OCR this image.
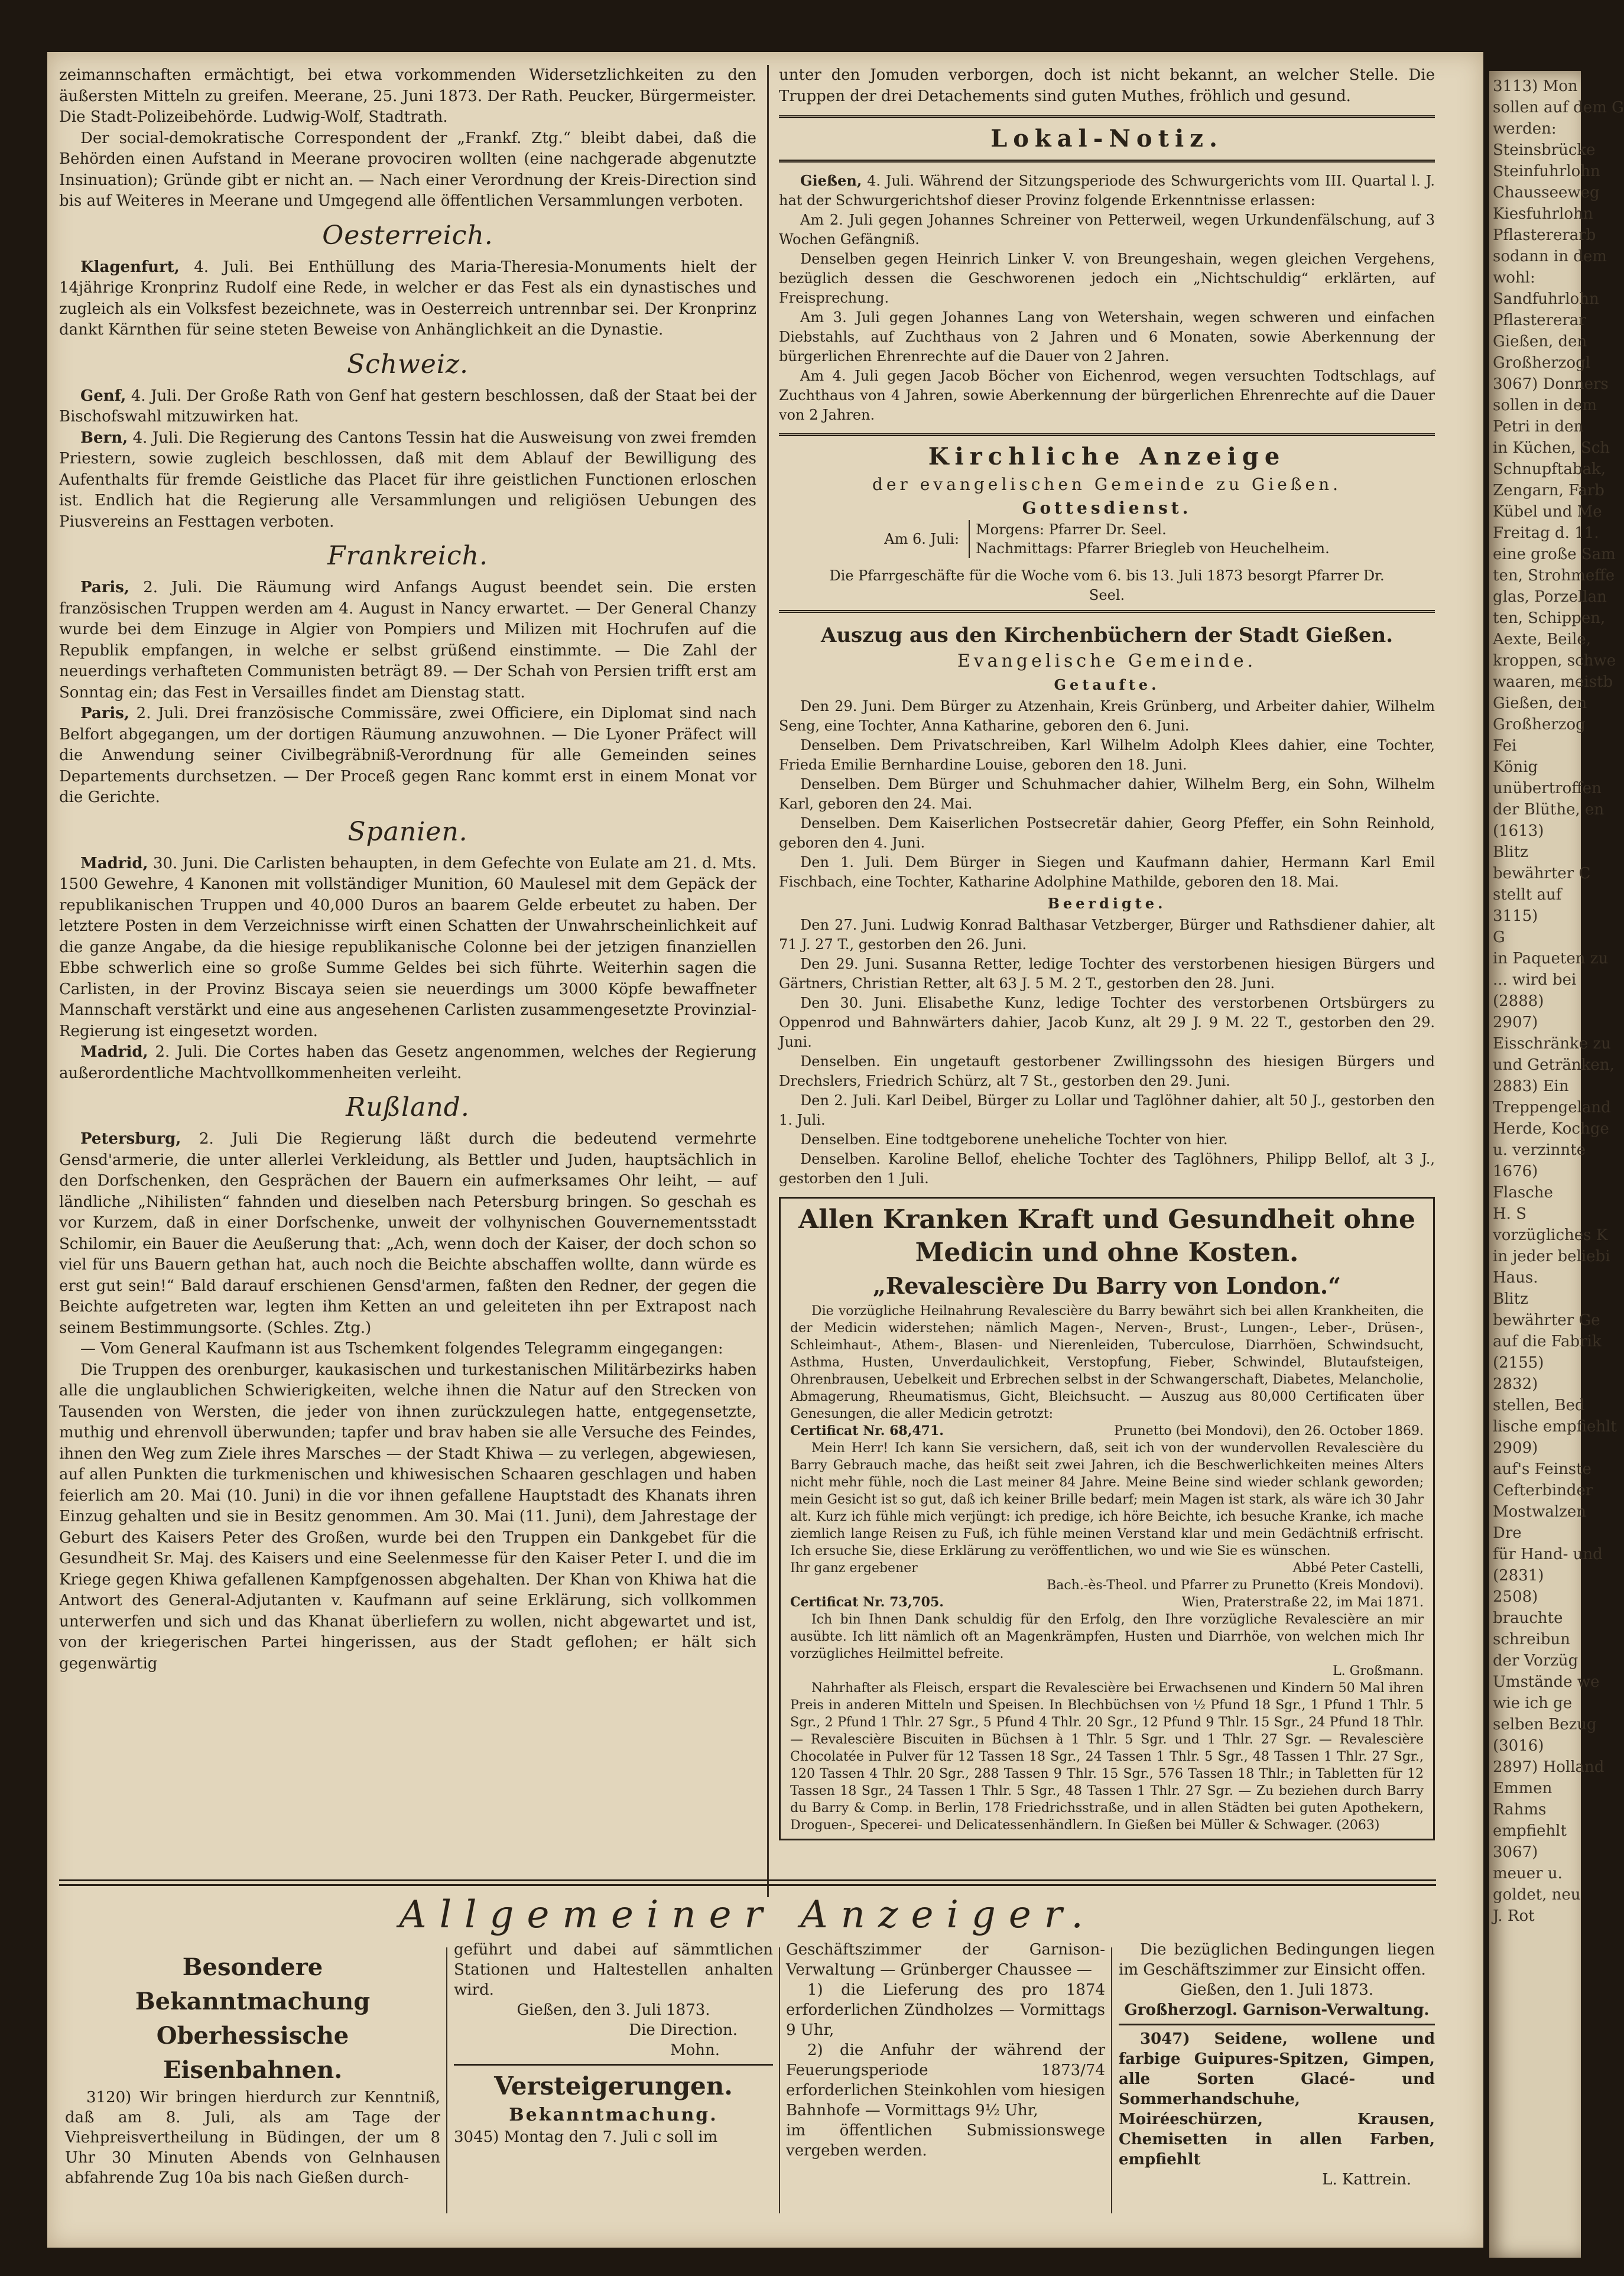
3113) Mon
sollen auf dem G
werden:
Steinsbrücke
Steinfuhrlohn
Chausseeweg
Kiesfuhrlohn
Pflastererarb
sodann in dem
wohl:
Sandfuhrlohn
Pflastererar
Gießen, den
Großherzogl
3067) Donners
sollen in dem
Petri in den
in Küchen, Sch
Schnupftabak,
Zengarn, Farb
Kübel und Me
Freitag d. 11.
eine große Sam
ten, Strohmeffe
glas, Porzellan
ten, Schippen,
Aexte, Beile,
kroppen, schwe
waaren, meistb
Gießen, den
Großherzog
Fei
König
unübertroffen
der Blüthe, en
(1613)
Blitz
bewährter C
stellt auf
3115)
G
in Paqueten zu
... wird bei
(2888)
2907)
Eisschränke zu
und Getränken,
2883) Ein
Treppengeland
Herde, Kochge
u. verzinnte
1676)
Flasche
H. S
vorzügliches K
in jeder beliebi
Haus.
Blitz
bewährter Ge
auf die Fabrik
(2155)
2832)
stellen, Bed
lische empfiehlt
2909)
auf's Feinste
Cefterbinder
Mostwalzen
Dre
für Hand- und
(2831)
2508)
brauchte
schreibun
der Vorzüg
Umstände we
wie ich ge
selben Bezug
(3016)
2897) Holland
Emmen
Rahms
empfiehlt
3067)
meuer u.
goldet, neu
J. Rot

zeimannschaften ermächtigt, bei etwa vorkommenden Widersetzlichkeiten zu den äußersten Mitteln zu greifen. Meerane, 25. Juni 1873. Der Rath. Peucker, Bürgermeister. Die Stadt-Polizeibehörde. Ludwig-Wolf, Stadtrath.

Der social-demokratische Correspondent der „Frankf. Ztg.“ bleibt dabei, daß die Behörden einen Aufstand in Meerane provociren wollten (eine nachgerade abgenutzte Insinuation); Gründe gibt er nicht an. — Nach einer Verordnung der Kreis-Direction sind bis auf Weiteres in Meerane und Umgegend alle öffentlichen Versammlungen verboten.

Oesterreich.

Klagenfurt, 4. Juli. Bei Enthüllung des Maria-Theresia-Monuments hielt der 14jährige Kronprinz Rudolf eine Rede, in welcher er das Fest als ein dynastisches und zugleich als ein Volksfest bezeichnete, was in Oesterreich untrennbar sei. Der Kronprinz dankt Kärnthen für seine steten Beweise von Anhänglichkeit an die Dynastie.

Schweiz.

Genf, 4. Juli. Der Große Rath von Genf hat gestern beschlossen, daß der Staat bei der Bischofswahl mitzuwirken hat.

Bern, 4. Juli. Die Regierung des Cantons Tessin hat die Ausweisung von zwei fremden Priestern, sowie zugleich beschlossen, daß mit dem Ablauf der Bewilligung des Aufenthalts für fremde Geistliche das Placet für ihre geistlichen Functionen erloschen ist. Endlich hat die Regierung alle Versammlungen und religiösen Uebungen des Piusvereins an Festtagen verboten.

Frankreich.

Paris, 2. Juli. Die Räumung wird Anfangs August beendet sein. Die ersten französischen Truppen werden am 4. August in Nancy erwartet. — Der General Chanzy wurde bei dem Einzuge in Algier von Pompiers und Milizen mit Hochrufen auf die Republik empfangen, in welche er selbst grüßend einstimmte. — Die Zahl der neuerdings verhafteten Communisten beträgt 89. — Der Schah von Persien trifft erst am Sonntag ein; das Fest in Versailles findet am Dienstag statt.

Paris, 2. Juli. Drei französische Commissäre, zwei Officiere, ein Diplomat sind nach Belfort abgegangen, um der dortigen Räumung anzuwohnen. — Die Lyoner Präfect will die Anwendung seiner Civilbegräbniß-Verordnung für alle Gemeinden seines Departements durchsetzen. — Der Proceß gegen Ranc kommt erst in einem Monat vor die Gerichte.

Spanien.

Madrid, 30. Juni. Die Carlisten behaupten, in dem Gefechte von Eulate am 21. d. Mts. 1500 Gewehre, 4 Kanonen mit vollständiger Munition, 60 Maulesel mit dem Gepäck der republikanischen Truppen und 40,000 Duros an baarem Gelde erbeutet zu haben. Der letztere Posten in dem Verzeichnisse wirft einen Schatten der Unwahrscheinlichkeit auf die ganze Angabe, da die hiesige republikanische Colonne bei der jetzigen finanziellen Ebbe schwerlich eine so große Summe Geldes bei sich führte. Weiterhin sagen die Carlisten, in der Provinz Biscaya seien sie neuerdings um 3000 Köpfe bewaffneter Mannschaft verstärkt und eine aus angesehenen Carlisten zusammengesetzte Provinzial-Regierung ist eingesetzt worden.

Madrid, 2. Juli. Die Cortes haben das Gesetz angenommen, welches der Regierung außerordentliche Machtvollkommenheiten verleiht.

Rußland.

Petersburg, 2. Juli Die Regierung läßt durch die bedeutend vermehrte Gensd'armerie, die unter allerlei Verkleidung, als Bettler und Juden, hauptsächlich in den Dorfschenken, den Gesprächen der Bauern ein aufmerksames Ohr leiht, — auf ländliche „Nihilisten“ fahnden und dieselben nach Petersburg bringen. So geschah es vor Kurzem, daß in einer Dorfschenke, unweit der volhynischen Gouvernementsstadt Schilomir, ein Bauer die Aeußerung that: „Ach, wenn doch der Kaiser, der doch schon so viel für uns Bauern gethan hat, auch noch die Beichte abschaffen wollte, dann würde es erst gut sein!“ Bald darauf erschienen Gensd'armen, faßten den Redner, der gegen die Beichte aufgetreten war, legten ihm Ketten an und geleiteten ihn per Extrapost nach seinem Bestimmungsorte. (Schles. Ztg.)

— Vom General Kaufmann ist aus Tschemkent folgendes Telegramm eingegangen:

Die Truppen des orenburger, kaukasischen und turkestanischen Militärbezirks haben alle die unglaublichen Schwierigkeiten, welche ihnen die Natur auf den Strecken von Tausenden von Wersten, die jeder von ihnen zurückzulegen hatte, entgegensetzte, muthig und ehrenvoll überwunden; tapfer und brav haben sie alle Versuche des Feindes, ihnen den Weg zum Ziele ihres Marsches — der Stadt Khiwa — zu verlegen, abgewiesen, auf allen Punkten die turkmenischen und khiwesischen Schaaren geschlagen und haben feierlich am 20. Mai (10. Juni) in die vor ihnen gefallene Hauptstadt des Khanats ihren Einzug gehalten und sie in Besitz genommen. Am 30. Mai (11. Juni), dem Jahrestage der Geburt des Kaisers Peter des Großen, wurde bei den Truppen ein Dankgebet für die Gesundheit Sr. Maj. des Kaisers und eine Seelenmesse für den Kaiser Peter I. und die im Kriege gegen Khiwa gefallenen Kampfgenossen abgehalten. Der Khan von Khiwa hat die Antwort des General-Adjutanten v. Kaufmann auf seine Erklärung, sich vollkommen unterwerfen und sich und das Khanat überliefern zu wollen, nicht abgewartet und ist, von der kriegerischen Partei hingerissen, aus der Stadt geflohen; er hält sich gegenwärtig

unter den Jomuden verborgen, doch ist nicht bekannt, an welcher Stelle. Die Truppen der drei Detachements sind guten Muthes, fröhlich und gesund.

Lokal-Notiz.

Gießen, 4. Juli. Während der Sitzungsperiode des Schwurgerichts vom III. Quartal l. J. hat der Schwurgerichtshof dieser Provinz folgende Erkenntnisse erlassen:

Am 2. Juli gegen Johannes Schreiner von Petterweil, wegen Urkundenfälschung, auf 3 Wochen Gefängniß.

Denselben gegen Heinrich Linker V. von Breungeshain, wegen gleichen Vergehens, bezüglich dessen die Geschworenen jedoch ein „Nichtschuldig“ erklärten, auf Freisprechung.

Am 3. Juli gegen Johannes Lang von Wetershain, wegen schweren und einfachen Diebstahls, auf Zuchthaus von 2 Jahren und 6 Monaten, sowie Aberkennung der bürgerlichen Ehrenrechte auf die Dauer von 2 Jahren.

Am 4. Juli gegen Jacob Böcher von Eichenrod, wegen versuchten Todtschlags, auf Zuchthaus von 4 Jahren, sowie Aberkennung der bürgerlichen Ehrenrechte auf die Dauer von 2 Jahren.

Kirchliche Anzeige
der evangelischen Gemeinde zu Gießen.
Gottesdienst.
Am 6. Juli:
Morgens: Pfarrer Dr. Seel.
Nachmittags: Pfarrer Briegleb von Heuchelheim.
Die Pfarrgeschäfte für die Woche vom 6. bis 13. Juli 1873 besorgt Pfarrer Dr. Seel.
Auszug aus den Kirchenbüchern der Stadt Gießen.
Evangelische Gemeinde.
Getaufte.

Den 29. Juni. Dem Bürger zu Atzenhain, Kreis Grünberg, und Arbeiter dahier, Wilhelm Seng, eine Tochter, Anna Katharine, geboren den 6. Juni.

Denselben. Dem Privatschreiben, Karl Wilhelm Adolph Klees dahier, eine Tochter, Frieda Emilie Bernhardine Louise, geboren den 18. Juni.

Denselben. Dem Bürger und Schuhmacher dahier, Wilhelm Berg, ein Sohn, Wilhelm Karl, geboren den 24. Mai.

Denselben. Dem Kaiserlichen Postsecretär dahier, Georg Pfeffer, ein Sohn Reinhold, geboren den 4. Juni.

Den 1. Juli. Dem Bürger in Siegen und Kaufmann dahier, Hermann Karl Emil Fischbach, eine Tochter, Katharine Adolphine Mathilde, geboren den 18. Mai.

Beerdigte.

Den 27. Juni. Ludwig Konrad Balthasar Vetzberger, Bürger und Rathsdiener dahier, alt 71 J. 27 T., gestorben den 26. Juni.

Den 29. Juni. Susanna Retter, ledige Tochter des verstorbenen hiesigen Bürgers und Gärtners, Christian Retter, alt 63 J. 5 M. 2 T., gestorben den 28. Juni.

Den 30. Juni. Elisabethe Kunz, ledige Tochter des verstorbenen Ortsbürgers zu Oppenrod und Bahnwärters dahier, Jacob Kunz, alt 29 J. 9 M. 22 T., gestorben den 29. Juni.

Denselben. Ein ungetauft gestorbener Zwillingssohn des hiesigen Bürgers und Drechslers, Friedrich Schürz, alt 7 St., gestorben den 29. Juni.

Den 2. Juli. Karl Deibel, Bürger zu Lollar und Taglöhner dahier, alt 50 J., gestorben den 1. Juli.

Denselben. Eine todtgeborene uneheliche Tochter von hier.

Denselben. Karoline Bellof, eheliche Tochter des Taglöhners, Philipp Bellof, alt 3 J., gestorben den 1 Juli.

Allen Kranken Kraft und Gesundheit ohne
Medicin und ohne Kosten.
„Revalescière Du Barry von London.“

Die vorzügliche Heilnahrung Revalescière du Barry bewährt sich bei allen Krankheiten, die der Medicin widerstehen; nämlich Magen-, Nerven-, Brust-, Lungen-, Leber-, Drüsen-, Schleimhaut-, Athem-, Blasen- und Nierenleiden, Tuberculose, Diarrhöen, Schwindsucht, Asthma, Husten, Unverdaulichkeit, Verstopfung, Fieber, Schwindel, Blutaufsteigen, Ohrenbrausen, Uebelkeit und Erbrechen selbst in der Schwangerschaft, Diabetes, Melancholie, Abmagerung, Rheumatismus, Gicht, Bleichsucht. — Auszug aus 80,000 Certificaten über Genesungen, die aller Medicin getrotzt:

Certificat Nr. 68,471.	Prunetto (bei Mondovi), den 26. October 1869.

Mein Herr! Ich kann Sie versichern, daß, seit ich von der wundervollen Revalescière du Barry Gebrauch mache, das heißt seit zwei Jahren, ich die Beschwerlichkeiten meines Alters nicht mehr fühle, noch die Last meiner 84 Jahre. Meine Beine sind wieder schlank geworden; mein Gesicht ist so gut, daß ich keiner Brille bedarf; mein Magen ist stark, als wäre ich 30 Jahr alt. Kurz ich fühle mich verjüngt: ich predige, ich höre Beichte, ich besuche Kranke, ich mache ziemlich lange Reisen zu Fuß, ich fühle meinen Verstand klar und mein Gedächtniß erfrischt. Ich ersuche Sie, diese Erklärung zu veröffentlichen, wo und wie Sie es wünschen.

Ihr ganz ergebener	Abbé Peter Castelli,
Bach.-ès-Theol. und Pfarrer zu Prunetto (Kreis Mondovi).
Certificat Nr. 73,705.	Wien, Praterstraße 22, im Mai 1871.

Ich bin Ihnen Dank schuldig für den Erfolg, den Ihre vorzügliche Revalescière an mir ausübte. Ich litt nämlich oft an Magenkrämpfen, Husten und Diarrhöe, von welchen mich Ihr vorzügliches Heilmittel befreite.

L. Großmann.

Nahrhafter als Fleisch, erspart die Revalescière bei Erwachsenen und Kindern 50 Mal ihren Preis in anderen Mitteln und Speisen. In Blechbüchsen von ½ Pfund 18 Sgr., 1 Pfund 1 Thlr. 5 Sgr., 2 Pfund 1 Thlr. 27 Sgr., 5 Pfund 4 Thlr. 20 Sgr., 12 Pfund 9 Thlr. 15 Sgr., 24 Pfund 18 Thlr. — Revalescière Biscuiten in Büchsen à 1 Thlr. 5 Sgr. und 1 Thlr. 27 Sgr. — Revalescière Chocolatée in Pulver für 12 Tassen 18 Sgr., 24 Tassen 1 Thlr. 5 Sgr., 48 Tassen 1 Thlr. 27 Sgr., 120 Tassen 4 Thlr. 20 Sgr., 288 Tassen 9 Thlr. 15 Sgr., 576 Tassen 18 Thlr.; in Tabletten für 12 Tassen 18 Sgr., 24 Tassen 1 Thlr. 5 Sgr., 48 Tassen 1 Thlr. 27 Sgr. — Zu beziehen durch Barry du Barry & Comp. in Berlin, 178 Friedrichsstraße, und in allen Städten bei guten Apothekern, Droguen-, Specerei- und Delicatessenhändlern. In Gießen bei Müller & Schwager. (2063)

Allgemeiner Anzeiger.
Besondere Bekanntmachung
Oberhessische Eisenbahnen.

3120) Wir bringen hierdurch zur Kenntniß, daß am 8. Juli, als am Tage der Viehpreisvertheilung in Büdingen, der um 8 Uhr 30 Minuten Abends von Gelnhausen abfahrende Zug 10a bis nach Gießen durch-

geführt und dabei auf sämmtlichen Stationen und Haltestellen anhalten wird.

Gießen, den 3. Juli 1873.
Die Direction.
Mohn.
Versteigerungen.
Bekanntmachung.

3045) Montag den 7. Juli c soll im

Geschäftszimmer der Garnison-Verwaltung — Grünberger Chaussee —

1) die Lieferung des pro 1874 erforderlichen Zündholzes — Vormittags 9 Uhr,

2) die Anfuhr der während der Feuerungsperiode 1873/74 erforderlichen Steinkohlen vom hiesigen Bahnhofe — Vormittags 9½ Uhr,

im öffentlichen Submissionswege vergeben werden.

Die bezüglichen Bedingungen liegen im Geschäftszimmer zur Einsicht offen.

Gießen, den 1. Juli 1873.
Großherzogl. Garnison-Verwaltung.

3047) Seidene, wollene und farbige Guipures-Spitzen, Gimpen, alle Sorten Glacé- und Sommerhandschuhe, Moiréeschürzen, Krausen, Chemisetten in allen Farben, empfiehlt

L. Kattrein.
